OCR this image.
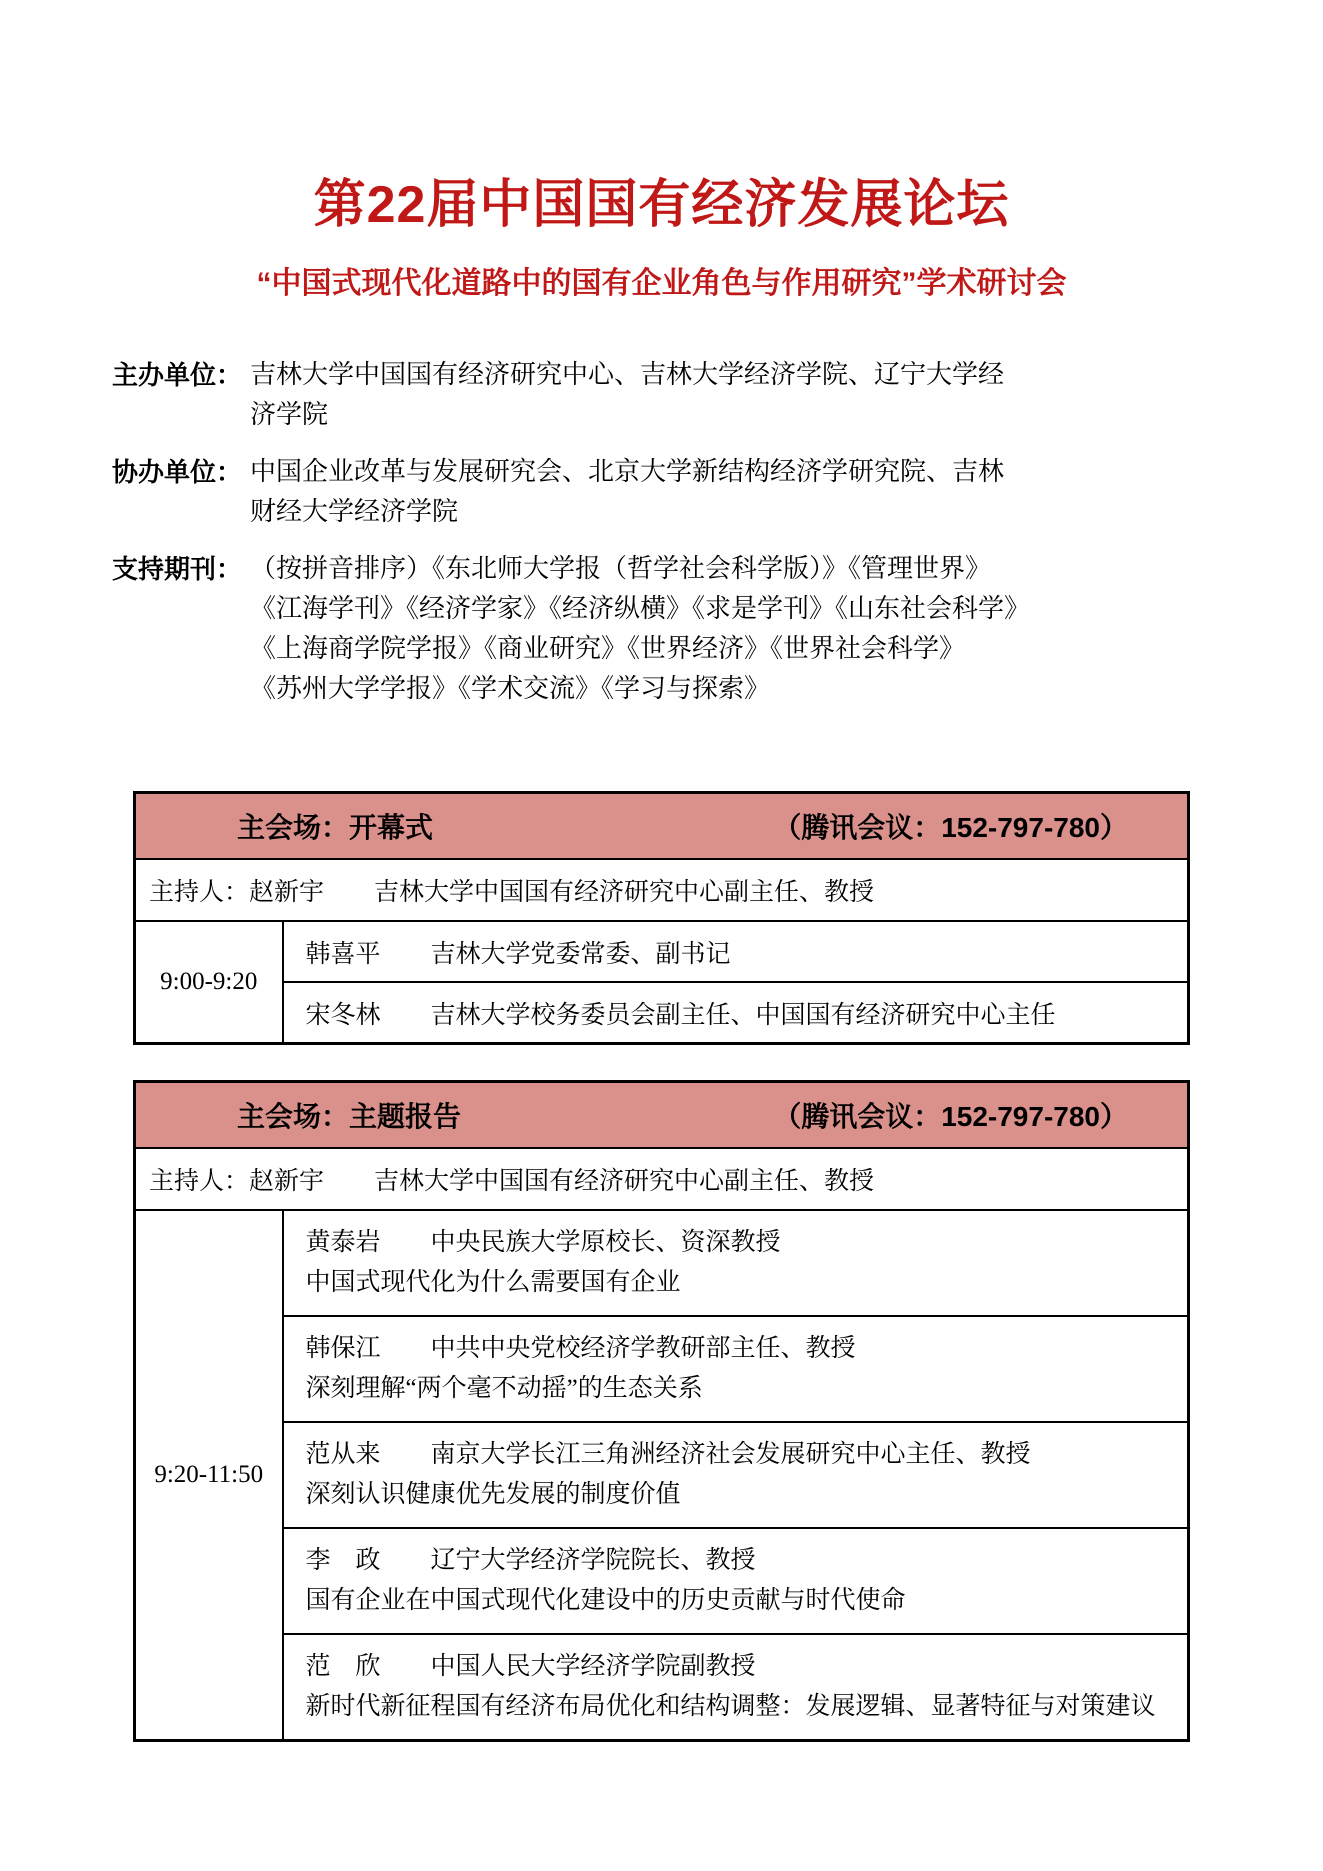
第22届中国国有经济发展论坛
“中国式现代化道路中的国有企业角色与作用研究”学术研讨会
主办单位： 吉林大学中国国有经济研究中心、吉林大学经济学院、辽宁大学经
济学院
协办单位： 中国企业改革与发展研究会、北京大学新结构经济学研究院、吉林
财经大学经济学院
支持期刊： （按拼音排序）《东北师大学报（哲学社会科学版）》《管理世界》
《江海学刊》《经济学家》《经济纵横》《求是学刊》《山东社会科学》
《上海商学院学报》《商业研究》《世界经济》《世界社会科学》
《苏州大学学报》《学术交流》《学习与探索》
主会场：开幕式	（腾讯会议：152-797-780）

主持人：赵新宇　　吉林大学中国国有经济研究中心副主任、教授
9:00-9:20	韩喜平　　吉林大学党委常委、副书记
宋冬林　　吉林大学校务委员会副主任、中国国有经济研究中心主任
主会场：主题报告	（腾讯会议：152-797-780）

主持人：赵新宇　　吉林大学中国国有经济研究中心副主任、教授
9:20-11:50	
黄泰岩　　中央民族大学原校长、资深教授
中国式现代化为什么需要国有企业

韩保江　　中共中央党校经济学教研部主任、教授
深刻理解“两个毫不动摇”的生态关系

范从来　　南京大学长江三角洲经济社会发展研究中心主任、教授
深刻认识健康优先发展的制度价值

李　政　　辽宁大学经济学院院长、教授
国有企业在中国式现代化建设中的历史贡献与时代使命

范　欣　　中国人民大学经济学院副教授
新时代新征程国有经济布局优化和结构调整：发展逻辑、显著特征与对策建议
